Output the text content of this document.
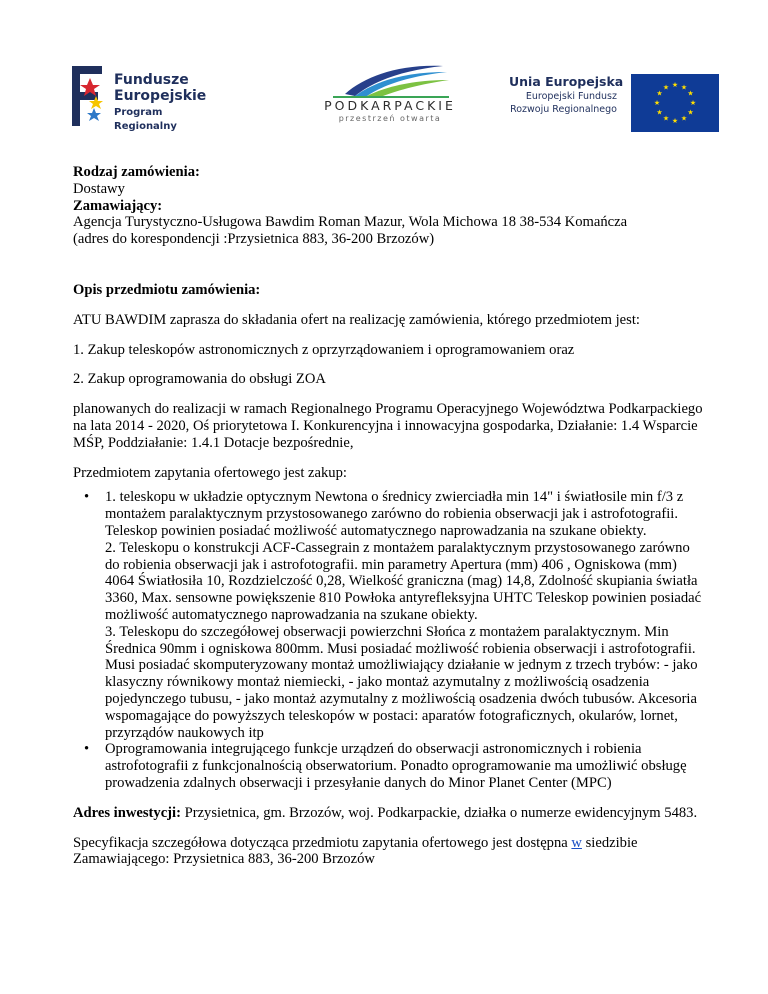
Fundusze
Europejskie
Program Regionalny
PODKARPACKIE
przestrzeń otwarta
Unia Europejska
Europejski Fundusz
Rozwoju Regionalnego
★ ★
★
★
★
★
★
★
★
★
★
★

Rodzaj zamówienia:

Dostawy

Zamawiający:

Agencja Turystyczno-Usługowa Bawdim Roman Mazur, Wola Michowa 18 38-534 Komańcza

(adres do korespondencji :Przysietnica 883, 36-200 Brzozów)

Opis przedmiotu zamówienia:

ATU BAWDIM zaprasza do składania ofert na realizację zamówienia, którego przedmiotem jest:

1. Zakup teleskopów astronomicznych z oprzyrządowaniem i oprogramowaniem oraz

2. Zakup oprogramowania do obsługi ZOA

planowanych do realizacji w ramach Regionalnego Programu Operacyjnego Województwa Podkarpackiego na lata 2014 - 2020, Oś priorytetowa I. Konkurencyjna i innowacyjna gospodarka, Działanie: 1.4 Wsparcie MŚP, Poddziałanie: 1.4.1 Dotacje bezpośrednie,

Przedmiotem zapytania ofertowego jest zakup:

• 1. teleskopu w układzie optycznym Newtona o średnicy zwierciadła min 14" i światłosile min f/3 z montażem paralaktycznym przystosowanego zarówno do robienia obserwacji jak i astrofotografii. Teleskop powinien posiadać możliwość automatycznego naprowadzania na szukane obiekty.
2. Teleskopu o konstrukcji ACF-Cassegrain z montażem paralaktycznym przystosowanego zarówno do robienia obserwacji jak i astrofotografii. min parametry Apertura (mm) 406 , Ogniskowa (mm) 4064 Światłosiła 10, Rozdzielczość 0,28, Wielkość graniczna (mag) 14,8, Zdolność skupiania światła 3360, Max. sensowne powiększenie 810 Powłoka antyrefleksyjna UHTC Teleskop powinien posiadać możliwość automatycznego naprowadzania na szukane obiekty.
3. Teleskopu do szczegółowej obserwacji powierzchni Słońca z montażem paralaktycznym. Min Średnica 90mm i ogniskowa 800mm. Musi posiadać możliwość robienia obserwacji i astrofotografii. Musi posiadać skomputeryzowany montaż umożliwiający działanie w jednym z trzech trybów: - jako klasyczny równikowy montaż niemiecki, - jako montaż azymutalny z możliwością osadzenia pojedynczego tubusu, - jako montaż azymutalny z możliwością osadzenia dwóch tubusów. Akcesoria wspomagające do powyższych teleskopów w postaci: aparatów fotograficznych, okularów, lornet, przyrządów naukowych itp
• Oprogramowania integrującego funkcje urządzeń do obserwacji astronomicznych i robienia astrofotografii z funkcjonalnością obserwatorium. Ponadto oprogramowanie ma umożliwić obsługę prowadzenia zdalnych obserwacji i przesyłanie danych do Minor Planet Center (MPC)

Adres inwestycji: Przysietnica, gm. Brzozów, woj. Podkarpackie, działka o numerze ewidencyjnym 5483.

Specyfikacja szczegółowa dotycząca przedmiotu zapytania ofertowego jest dostępna w siedzibie Zamawiającego: Przysietnica 883, 36-200 Brzozów
